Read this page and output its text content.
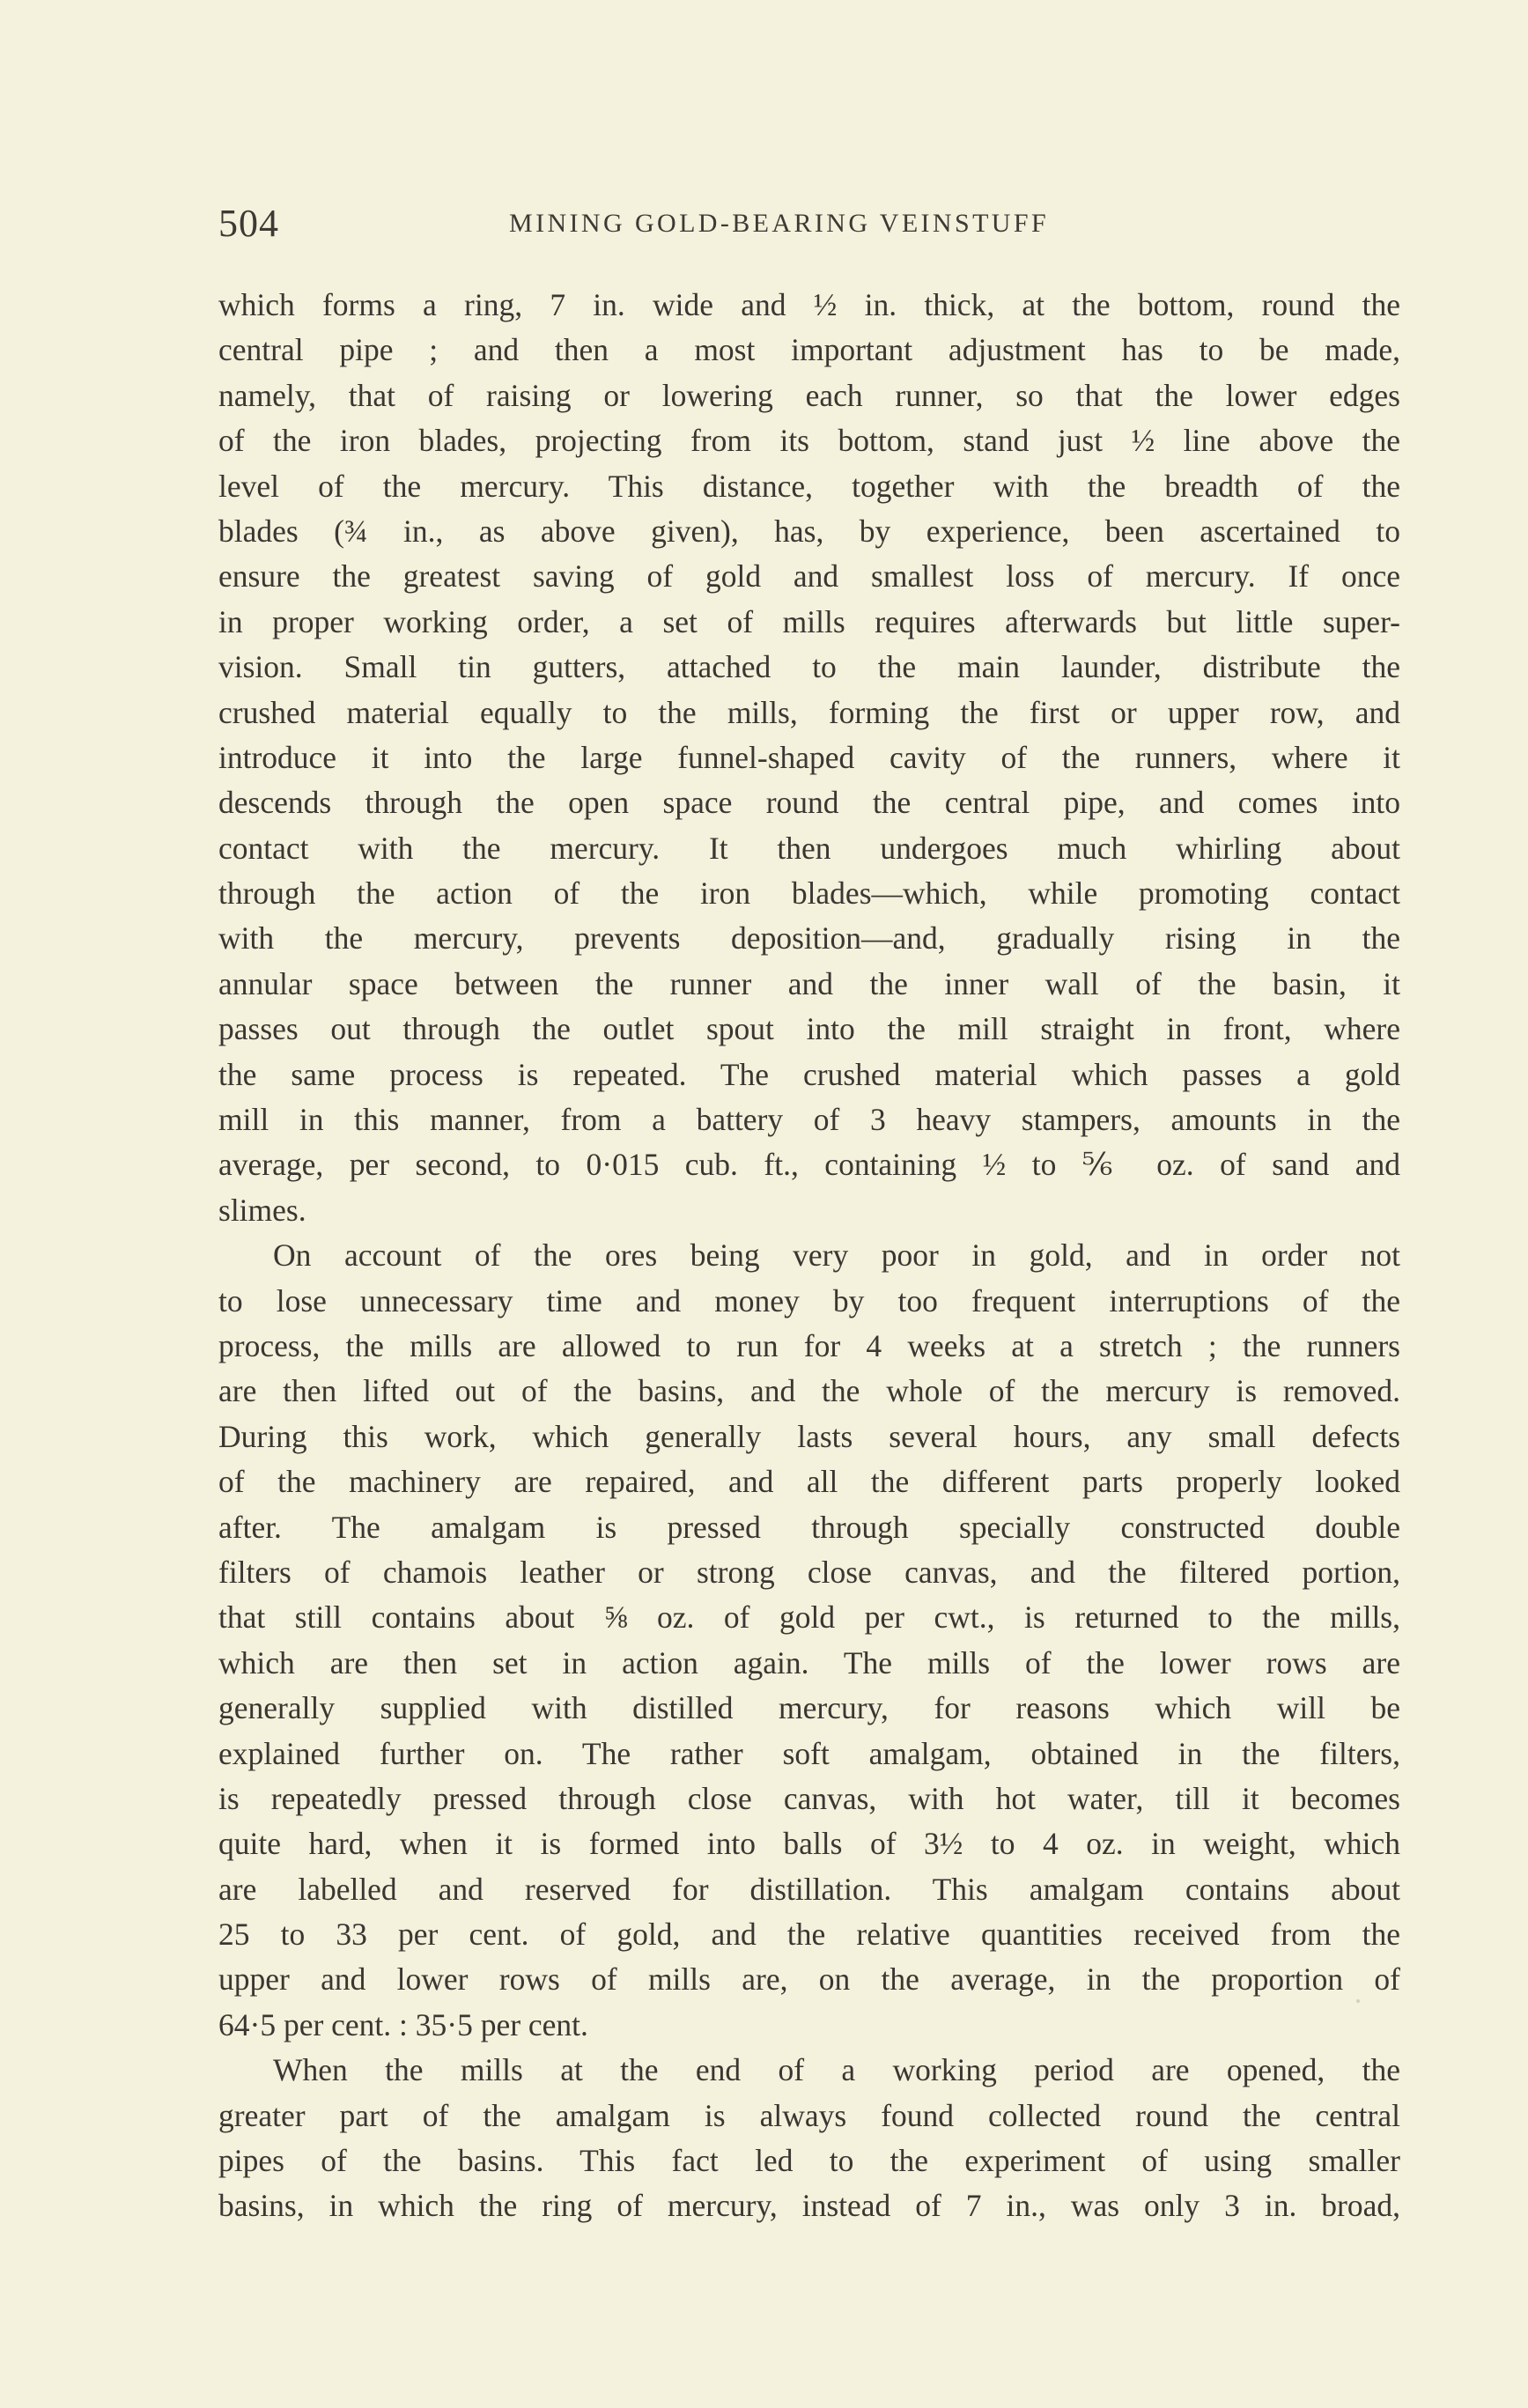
504	MINING GOLD-BEARING VEINSTUFF
which forms a ring, 7 in. wide and ½ in. thick, at the bottom, round the
central pipe ; and then a most important adjustment has to be made,
namely, that of raising or lowering each runner, so that the lower edges
of the iron blades, projecting from its bottom, stand just ½ line above the
level of the mercury. This distance, together with the breadth of the
blades (¾ in., as above given), has, by experience, been ascertained to
ensure the greatest saving of gold and smallest loss of mercury. If once
in proper working order, a set of mills requires afterwards but little super-
vision. Small tin gutters, attached to the main launder, distribute the
crushed material equally to the mills, forming the first or upper row, and
introduce it into the large funnel-shaped cavity of the runners, where it
descends through the open space round the central pipe, and comes into
contact with the mercury. It then undergoes much whirling about
through the action of the iron blades—which, while promoting contact
with the mercury, prevents deposition—and, gradually rising in the
annular space between the runner and the inner wall of the basin, it
passes out through the outlet spout into the mill straight in front, where
the same process is repeated. The crushed material which passes a gold
mill in this manner, from a battery of 3 heavy stampers, amounts in the
average, per second, to 0·015 cub. ft., containing ½ to ⅚ oz. of sand and
slimes.
On account of the ores being very poor in gold, and in order not
to lose unnecessary time and money by too frequent interruptions of the
process, the mills are allowed to run for 4 weeks at a stretch ; the runners
are then lifted out of the basins, and the whole of the mercury is removed.
During this work, which generally lasts several hours, any small defects
of the machinery are repaired, and all the different parts properly looked
after. The amalgam is pressed through specially constructed double
filters of chamois leather or strong close canvas, and the filtered portion,
that still contains about ⅝ oz. of gold per cwt., is returned to the mills,
which are then set in action again. The mills of the lower rows are
generally supplied with distilled mercury, for reasons which will be
explained further on. The rather soft amalgam, obtained in the filters,
is repeatedly pressed through close canvas, with hot water, till it becomes
quite hard, when it is formed into balls of 3½ to 4 oz. in weight, which
are labelled and reserved for distillation. This amalgam contains about
25 to 33 per cent. of gold, and the relative quantities received from the
upper and lower rows of mills are, on the average, in the proportion of
64·5 per cent. : 35·5 per cent.
When the mills at the end of a working period are opened, the
greater part of the amalgam is always found collected round the central
pipes of the basins. This fact led to the experiment of using smaller
basins, in which the ring of mercury, instead of 7 in., was only 3 in. broad,
